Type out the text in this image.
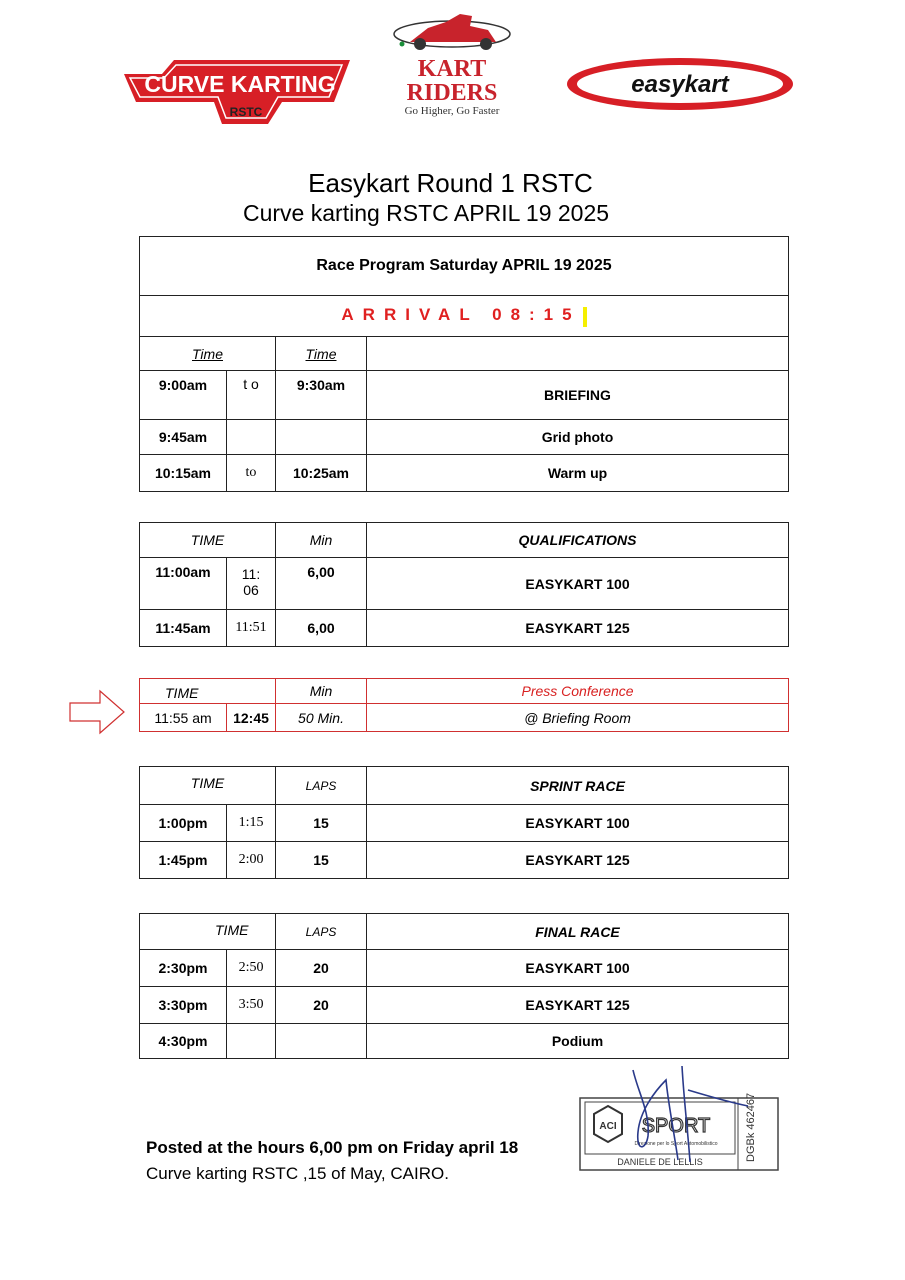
CURVE KARTING
RSTC
KART
RIDERS
Go Higher, Go Faster
easykart
Easykart Round 1 RSTC
Curve karting RSTC APRIL 19 2025
Race Program Saturday APRIL 19 2025			
ARRIVAL 08:15			
Time		Time	
9:00am	t o	9:30am	BRIEFING
9:45am			Grid photo
10:15am	to	10:25am	Warm up
TIME		Min	QUALIFICATIONS
11:00am	11: 06	6,00	EASYKART 100
11:45am	11:51	6,00	EASYKART 125
TIME		Min	Press Conference
11:55 am	12:45	50 Min.	@ Briefing Room
TIME		LAPS	SPRINT RACE
1:00pm	1:15	15	EASYKART 100
1:45pm	2:00	15	EASYKART 125
TIME		LAPS	FINAL RACE
2:30pm	2:50	20	EASYKART 100
3:30pm	3:50	20	EASYKART 125
4:30pm			Podium
Posted at the hours 6,00 pm on Friday april 18
Curve karting RSTC ,15 of May, CAIRO.
ACI SPORT
Direzione per lo Sport Automobilistico
DANIELE DE LELLIS	DGBk 462467
